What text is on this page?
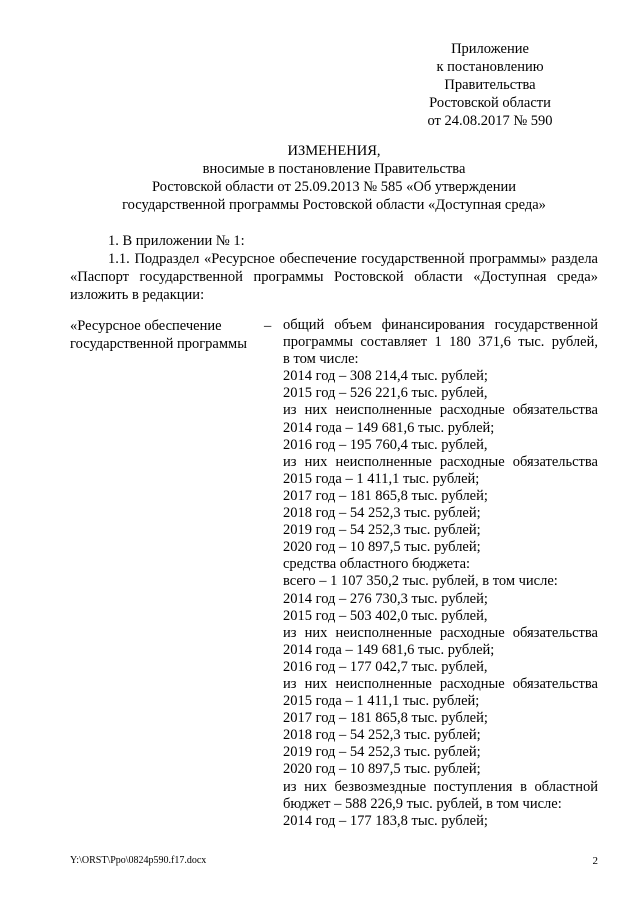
Приложение
к постановлению
Правительства
Ростовской области
от 24.08.2017 № 590
ИЗМЕНЕНИЯ,
вносимые в постановление Правительства
Ростовской области от 25.09.2013 № 585 «Об утверждении
государственной программы Ростовской области «Доступная среда»
1. В приложении № 1:
1.1. Подраздел «Ресурсное обеспечение государственной программы» раздела «Паспорт государственной программы Ростовской области «Доступная среда» изложить в редакции:
«Ресурсное обеспечение государственной программы
– общий объем финансирования государственной
программы составляет 1 180 371,6 тыс. рублей,
в том числе:
2014 год – 308 214,4 тыс. рублей;
2015 год – 526 221,6 тыс. рублей,
из них неисполненные расходные обязательства
2014 года – 149 681,6 тыс. рублей;
2016 год – 195 760,4 тыс. рублей,
из них неисполненные расходные обязательства
2015 года – 1 411,1 тыс. рублей;
2017 год – 181 865,8 тыс. рублей;
2018 год – 54 252,3 тыс. рублей;
2019 год – 54 252,3 тыс. рублей;
2020 год – 10 897,5 тыс. рублей;
средства областного бюджета:
всего – 1 107 350,2 тыс. рублей, в том числе:
2014 год – 276 730,3 тыс. рублей;
2015 год – 503 402,0 тыс. рублей,
из них неисполненные расходные обязательства
2014 года – 149 681,6 тыс. рублей;
2016 год – 177 042,7 тыс. рублей,
из них неисполненные расходные обязательства
2015 года – 1 411,1 тыс. рублей;
2017 год – 181 865,8 тыс. рублей;
2018 год – 54 252,3 тыс. рублей;
2019 год – 54 252,3 тыс. рублей;
2020 год – 10 897,5 тыс. рублей;
из них безвозмездные поступления в областной
бюджет – 588 226,9 тыс. рублей, в том числе:
2014 год – 177 183,8 тыс. рублей;
Y:\ORST\Ppo\0824p590.f17.docx	2
